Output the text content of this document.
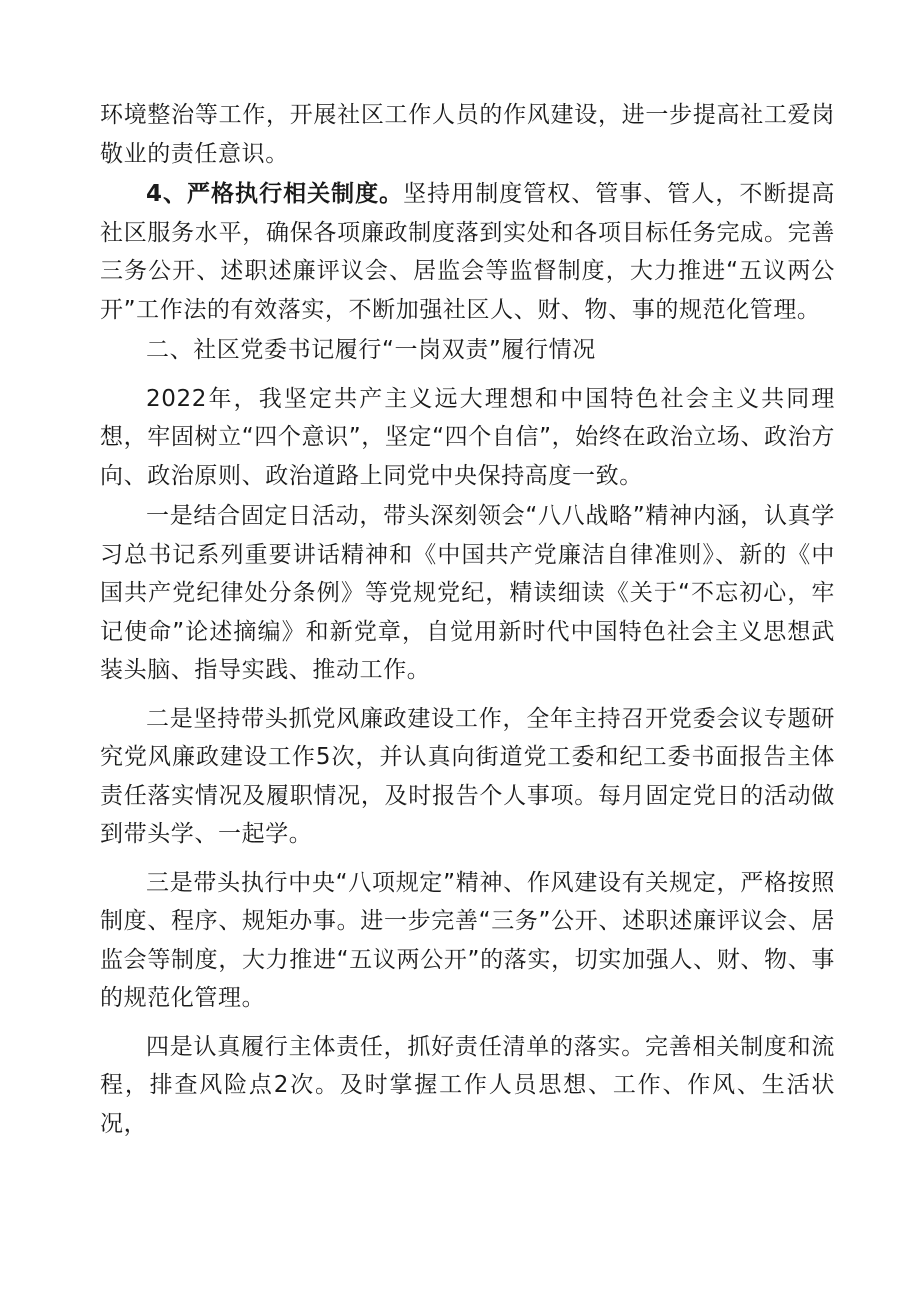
环境整治等工作，开展社区工作人员的作风建设，进一步提高社工爱岗敬业的责任意识。

4、严格执行相关制度。坚持用制度管权、管事、管人，不断提高社区服务水平，确保各项廉政制度落到实处和各项目标任务完成。完善三务公开、述职述廉评议会、居监会等监督制度，大力推进“五议两公开”工作法的有效落实，不断加强社区人、财、物、事的规范化管理。

二、社区党委书记履行“一岗双责”履行情况

2022年，我坚定共产主义远大理想和中国特色社会主义共同理想，牢固树立“四个意识”，坚定“四个自信”，始终在政治立场、政治方向、政治原则、政治道路上同党中央保持高度一致。

一是结合固定日活动，带头深刻领会“八八战略”精神内涵，认真学习总书记系列重要讲话精神和《中国共产党廉洁自律准则》、新的《中国共产党纪律处分条例》等党规党纪，精读细读《关于“不忘初心，牢记使命”论述摘编》和新党章，自觉用新时代中国特色社会主义思想武装头脑、指导实践、推动工作。

二是坚持带头抓党风廉政建设工作，全年主持召开党委会议专题研究党风廉政建设工作5次，并认真向街道党工委和纪工委书面报告主体责任落实情况及履职情况，及时报告个人事项。每月固定党日的活动做到带头学、一起学。

三是带头执行中央“八项规定”精神、作风建设有关规定，严格按照制度、程序、规矩办事。进一步完善“三务”公开、述职述廉评议会、居监会等制度，大力推进“五议两公开”的落实，切实加强人、财、物、事的规范化管理。

四是认真履行主体责任，抓好责任清单的落实。完善相关制度和流程，排查风险点2次。及时掌握工作人员思想、工作、作风、生活状况，
